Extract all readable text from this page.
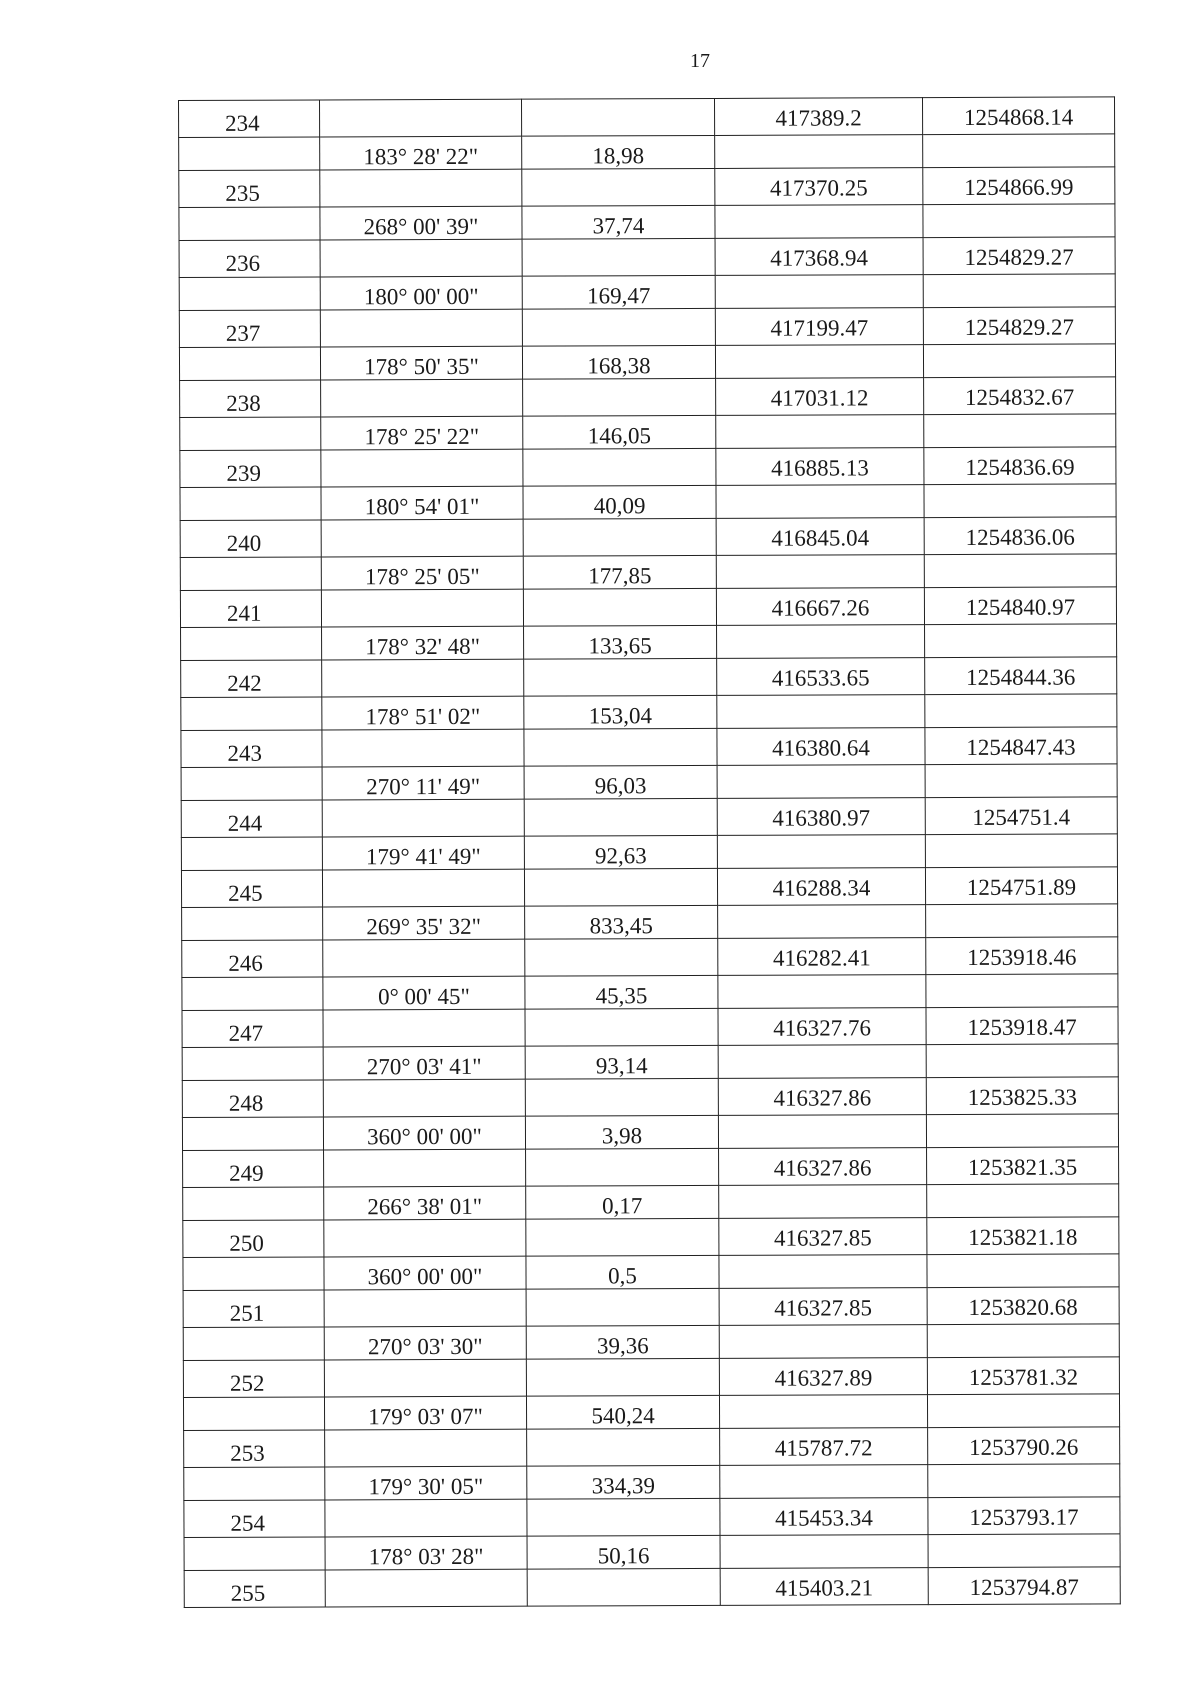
17
234			417389.2	1254868.14
	183° 28' 22"	18,98		
235			417370.25	1254866.99
	268° 00' 39"	37,74		
236			417368.94	1254829.27
	180° 00' 00"	169,47		
237			417199.47	1254829.27
	178° 50' 35"	168,38		
238			417031.12	1254832.67
	178° 25' 22"	146,05		
239			416885.13	1254836.69
	180° 54' 01"	40,09		
240			416845.04	1254836.06
	178° 25' 05"	177,85		
241			416667.26	1254840.97
	178° 32' 48"	133,65		
242			416533.65	1254844.36
	178° 51' 02"	153,04		
243			416380.64	1254847.43
	270° 11' 49"	96,03		
244			416380.97	1254751.4
	179° 41' 49"	92,63		
245			416288.34	1254751.89
	269° 35' 32"	833,45		
246			416282.41	1253918.46
	0° 00' 45"	45,35		
247			416327.76	1253918.47
	270° 03' 41"	93,14		
248			416327.86	1253825.33
	360° 00' 00"	3,98		
249			416327.86	1253821.35
	266° 38' 01"	0,17		
250			416327.85	1253821.18
	360° 00' 00"	0,5		
251			416327.85	1253820.68
	270° 03' 30"	39,36		
252			416327.89	1253781.32
	179° 03' 07"	540,24		
253			415787.72	1253790.26
	179° 30' 05"	334,39		
254			415453.34	1253793.17
	178° 03' 28"	50,16		
255			415403.21	1253794.87
